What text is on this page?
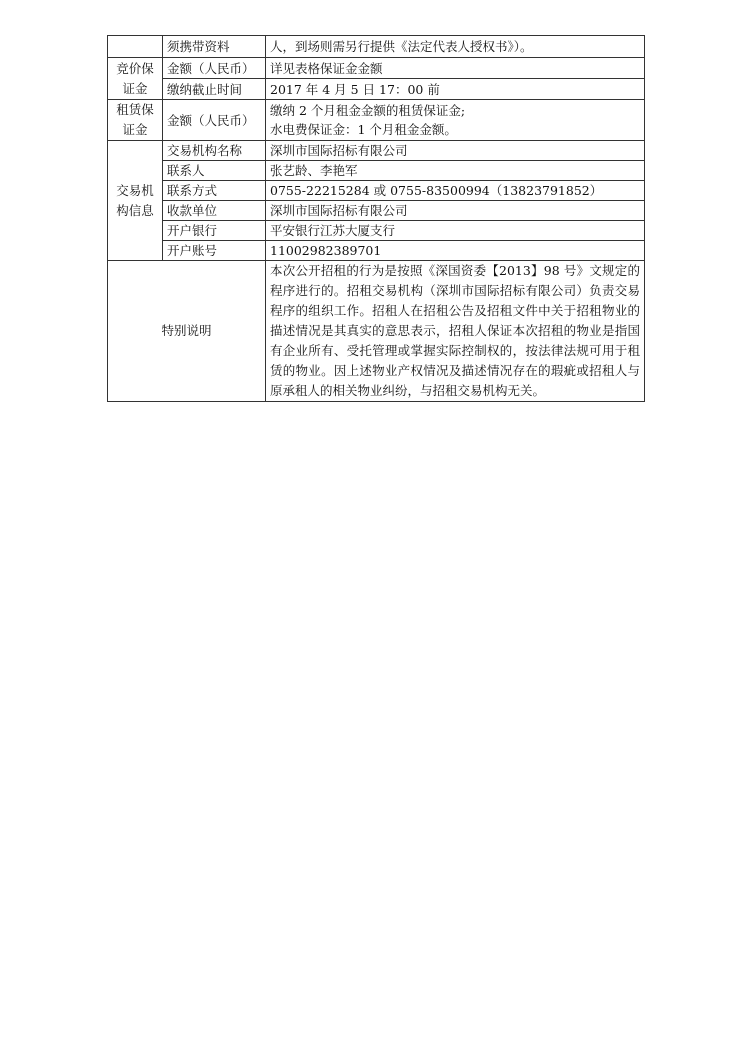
	须携带资料	人，到场则需另行提供《法定代表人授权书》）。
竞价保证金	金额（人民币）	详见表格保证金金额
	缴纳截止时间	2017 年 4 月 5 日 17：00 前
租赁保证金	金额（人民币）	缴纳 2 个月租金金额的租赁保证金;
水电费保证金：1 个月租金金额。

交易机构信息	交易机构名称	深圳市国际招标有限公司
	联系人	张艺龄、李艳军
	联系方式	0755-22215284 或 0755-83500994（13823791852）
	收款单位	深圳市国际招标有限公司
	开户银行	平安银行江苏大厦支行
	开户账号	11002982389701
特别说明		本次公开招租的行为是按照《深国资委【2013】98 号》文规定的程序进行的。招租交易机构（深圳市国际招标有限公司）负责交易程序的组织工作。招租人在招租公告及招租文件中关于招租物业的描述情况是其真实的意思表示，招租人保证本次招租的物业是指国有企业所有、受托管理或掌握实际控制权的，按法律法规可用于租赁的物业。因上述物业产权情况及描述情况存在的瑕疵或招租人与原承租人的相关物业纠纷，与招租交易机构无关。
